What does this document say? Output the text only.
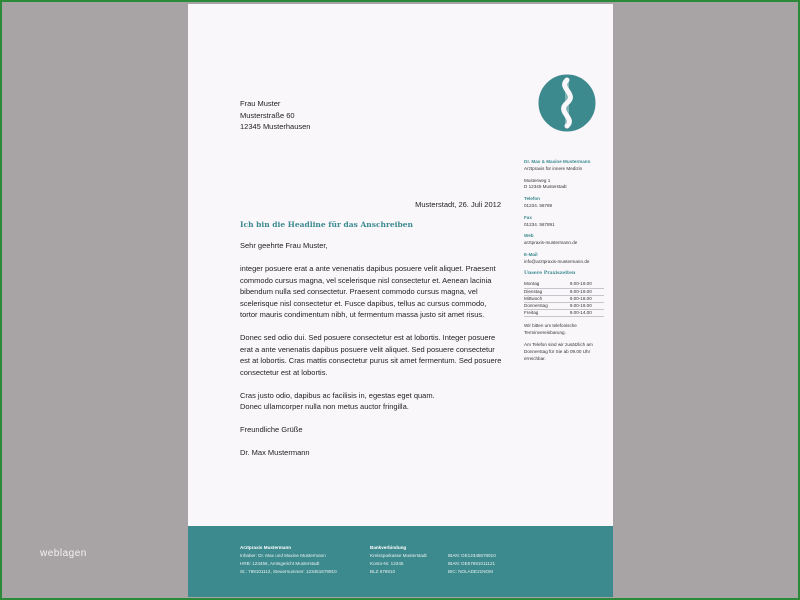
weblagen
Frau Muster
Musterstraße 60
12345 Musterhausen
Musterstadt, 26. Juli 2012
Ich bin die Headline für das Anschreiben

Sehr geehrte Frau Muster,

integer posuere erat a ante venenatis dapibus posuere velit aliquet. Praesent commodo cursus magna, vel scelerisque nisl consectetur et. Aenean lacinia bibendum nulla sed consectetur. Praesent commodo cursus magna, vel scelerisque nisl consectetur et. Fusce dapibus, tellus ac cursus commodo, tortor mauris condimentum nibh, ut fermentum massa justo sit amet risus.

Donec sed odio dui. Sed posuere consectetur est at lobortis. Integer posuere erat a ante venenatis dapibus posuere velit aliquet. Sed posuere consectetur est at lobortis. Cras mattis consectetur purus sit amet fermentum. Sed posuere consectetur est at lobortis.

Cras justo odio, dapibus ac facilisis in, egestas eget quam.

Donec ullamcorper nulla non metus auctor fringilla.

Freundliche Grüße

Dr. Max Mustermann

Dr. Max & Maxine Mustermann
Arztpraxis für innere Medizin
Musterweg 1
D 12345 Musterstadt
Telefon
01234. 56789
Fax
01234. 567891
Web
arztpraxis-mustermann.de
E-Mail
info@arztpraxis-mustermann.de
Unsere Praxiszeiten
Montag	9.00-19.00
Dienstag	9.00-19.00
Mittwoch	9.00-18.00
Donnerstag	9.00-19.00
Freitag	9.00-14.00
Wir bitten um telefonische Terminvereinbarung.
Am Telefon sind wir zusätzlich am Donnerstag für Sie ab 09.00 Uhr erreichbar.
Arztpraxis Mustermann
Inhaber: Dr. Max und Maxine Mustermann
HRB: 123456, Amtsgericht Musterstadt
St.: 789101112, Steuernummer: 123451678910
Bankverbindung
Kreissparkasse Musterstadt
Konto-Nr. 12345
BLZ 678910
IBAN: DE12345678910
IBAN: DE67891011121
BIC: NOLADE21NOM
